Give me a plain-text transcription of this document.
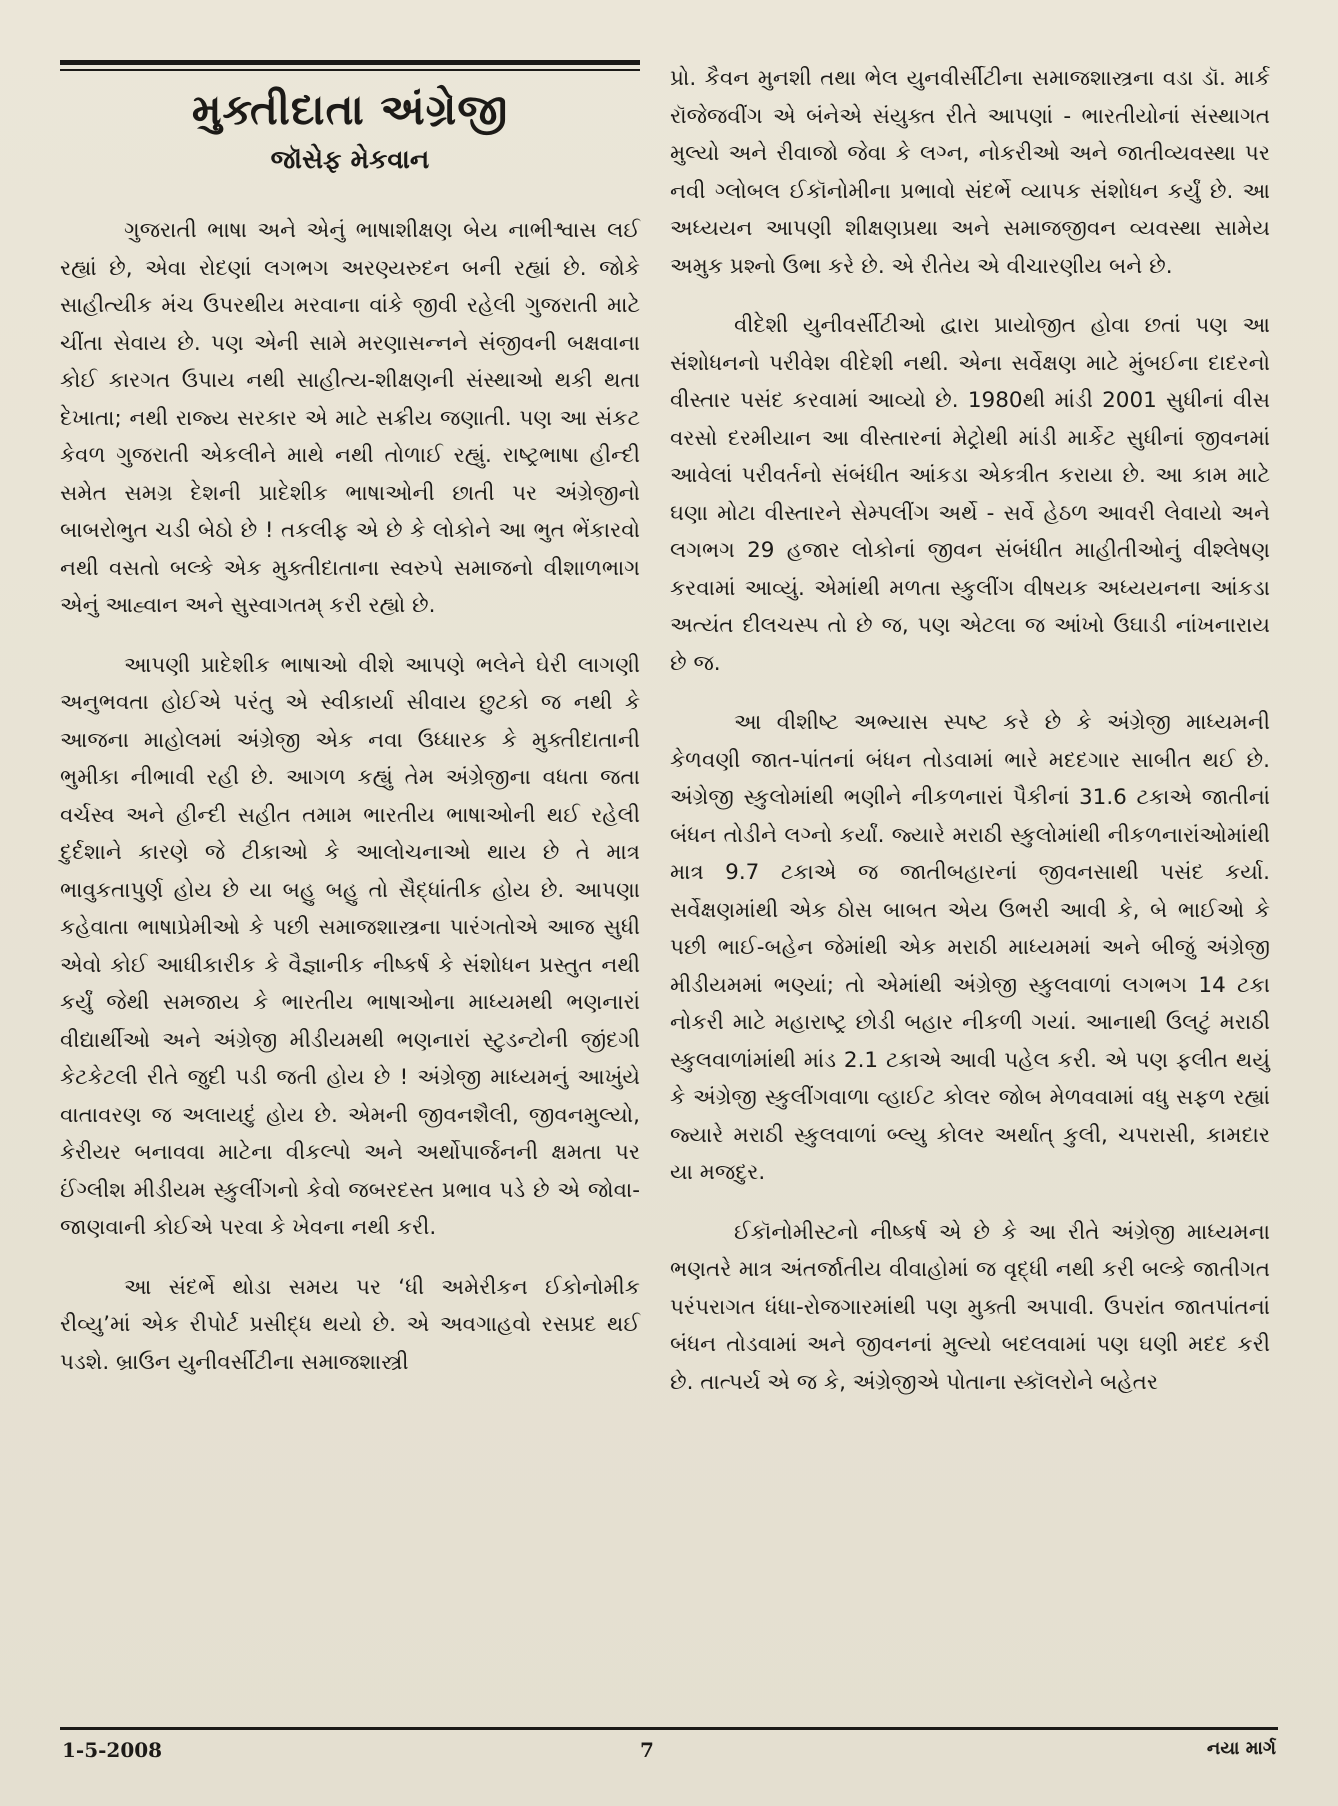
મુક્તીદાતા અંગ્રેજી
જૉસેફ મેકવાન

ગુજરાતી ભાષા અને એનું ભાષાશીક્ષણ બેય નાભીશ્વાસ લઈ રહ્યાં છે, એવા રોદણાં લગભગ અરણ્યરુદન બની રહ્યાં છે. જોકે સાહીત્યીક મંચ ઉપરથીય મરવાના વાંકે જીવી રહેલી ગુજરાતી માટે ચીંતા સેવાય છે. પણ એની સામે મરણાસન્નને સંજીવની બક્ષવાના કોઈ કારગત ઉપાય નથી સાહીત્ય-શીક્ષણની સંસ્થાઓ થકી થતા દેખાતા; નથી રાજ્ય સરકાર એ માટે સક્રીય જણાતી. પણ આ સંકટ કેવળ ગુજરાતી એકલીને માથે નથી તોળાઈ રહ્યું. રાષ્ટ્રભાષા હીન્દી સમેત સમગ્ર દેશની પ્રાદેશીક ભાષાઓની છાતી પર અંગ્રેજીનો બાબરોભુત ચડી બેઠો છે ! તકલીફ એ છે કે લોકોને આ ભુત ભેંકારવો નથી વસતો બલ્કે એક મુક્તીદાતાના સ્વરુપે સમાજનો વીશાળભાગ એનું આહ્વાન અને સુસ્વાગતમ્ કરી રહ્યો છે.

આપણી પ્રાદેશીક ભાષાઓ વીશે આપણે ભલેને ઘેરી લાગણી અનુભવતા હોઈએ પરંતુ એ સ્વીકાર્યા સીવાય છુટકો જ નથી કે આજના માહોલમાં અંગ્રેજી એક નવા ઉધ્ધારક કે મુક્તીદાતાની ભુમીકા નીભાવી રહી છે. આગળ કહ્યું તેમ અંગ્રેજીના વધતા જતા વર્ચસ્વ અને હીન્દી સહીત તમામ ભારતીય ભાષાઓની થઈ રહેલી દુર્દશાને કારણે જે ટીકાઓ કે આલોચનાઓ થાય છે તે માત્ર ભાવુકતાપુર્ણ હોય છે યા બહુ બહુ તો સૈદ્ધાંતીક હોય છે. આપણા કહેવાતા ભાષાપ્રેમીઓ કે પછી સમાજશાસ્ત્રના પારંગતોએ આજ સુધી એવો કોઈ આધીકારીક કે વૈજ્ઞાનીક નીષ્કર્ષ કે સંશોધન પ્રસ્તુત નથી કર્યું જેથી સમજાય કે ભારતીય ભાષાઓના માધ્યમથી ભણનારાં વીદ્યાર્થીઓ અને અંગ્રેજી મીડીયમથી ભણનારાં સ્ટુડન્ટોની જીંદગી કેટકેટલી રીતે જુદી પડી જતી હોય છે ! અંગ્રેજી માધ્યમનું આખુંયે વાતાવરણ જ અલાયદું હોય છે. એમની જીવનશૈલી, જીવનમુલ્યો, કેરીયર બનાવવા માટેના વીકલ્પો અને અર્થોપાર્જનની ક્ષમતા પર ઈંગ્લીશ મીડીયમ સ્કુલીંગનો કેવો જબરદસ્ત પ્રભાવ પડે છે એ જોવા-જાણવાની કોઈએ પરવા કે ખેવના નથી કરી.

આ સંદર્ભે થોડા સમય પર ‘ધી અમેરીકન ઈકોનોમીક રીવ્યુ’માં એક રીપોર્ટ પ્રસીદ્ધ થયો છે. એ અવગાહવો રસપ્રદ થઈ પડશે. બ્રાઉન યુનીવર્સીટીના સમાજશાસ્ત્રી

પ્રો. કૈવન મુનશી તથા ભેલ યુનવીર્સીટીના સમાજશાસ્ત્રના વડા ડૉ. માર્ક રૉજેજવીંગ એ બંનેએ સંયુક્ત રીતે આપણાં - ભારતીયોનાં સંસ્થાગત મુલ્યો અને રીવાજો જેવા કે લગ્ન, નોકરીઓ અને જાતીવ્યવસ્થા પર નવી ગ્લોબલ ઈકૉનોમીના પ્રભાવો સંદર્ભે વ્યાપક સંશોધન કર્યું છે. આ અધ્યયન આપણી શીક્ષણપ્રથા અને સમાજજીવન વ્યવસ્થા સામેય અમુક પ્રશ્નો ઉભા કરે છે. એ રીતેય એ વીચારણીય બને છે.

વીદેશી યુનીવર્સીટીઓ દ્વારા પ્રાયોજીત હોવા છતાં પણ આ સંશોધનનો પરીવેશ વીદેશી નથી. એના સર્વેક્ષણ માટે મુંબઈના દાદરનો વીસ્તાર પસંદ કરવામાં આવ્યો છે. 1980થી માંડી 2001 સુધીનાં વીસ વરસો દરમીયાન આ વીસ્તારનાં મેટ્રોથી માંડી માર્કેટ સુધીનાં જીવનમાં આવેલાં પરીવર્તનો સંબંધીત આંકડા એકત્રીત કરાયા છે. આ કામ માટે ઘણા મોટા વીસ્તારને સેમ્પલીંગ અર્થે - સર્વે હેઠળ આવરી લેવાયો અને લગભગ 29 હજાર લોકોનાં જીવન સંબંધીત માહીતીઓનું વીશ્લેષણ કરવામાં આવ્યું. એમાંથી મળતા સ્કુલીંગ વીષયક અધ્યયનના આંકડા અત્યંત દીલચસ્પ તો છે જ, પણ એટલા જ આંખો ઉઘાડી નાંખનારાય છે જ.

આ વીશીષ્ટ અભ્યાસ સ્પષ્ટ કરે છે કે અંગ્રેજી માધ્યમની કેળવણી જાત-પાંતનાં બંધન તોડવામાં ભારે મદદગાર સાબીત થઈ છે. અંગ્રેજી સ્કુલોમાંથી ભણીને નીકળનારાં પૈકીનાં 31.6 ટકાએ જાતીનાં બંધન તોડીને લગ્નો કર્યાં. જ્યારે મરાઠી સ્કુલોમાંથી નીકળનારાંઓમાંથી માત્ર 9.7 ટકાએ જ જાતીબહારનાં જીવનસાથી પસંદ કર્યા. સર્વેક્ષણમાંથી એક ઠોસ બાબત એય ઉભરી આવી કે, બે ભાઈઓ કે પછી ભાઈ-બહેન જેમાંથી એક મરાઠી માધ્યમમાં અને બીજું અંગ્રેજી મીડીયમમાં ભણ્યાં; તો એમાંથી અંગ્રેજી સ્કુલવાળાં લગભગ 14 ટકા નોકરી માટે મહારાષ્ટ્ર છોડી બહાર નીકળી ગયાં. આનાથી ઉલટું મરાઠી સ્કુલવાળાંમાંથી માંડ 2.1 ટકાએ આવી પહેલ કરી. એ પણ ફલીત થયું કે અંગ્રેજી સ્કુલીંગવાળા વ્હાઈટ કોલર જોબ મેળવવામાં વધુ સફળ રહ્યાં જ્યારે મરાઠી સ્કુલવાળાં બ્લ્યુ કોલર અર્થાત્ કુલી, ચપરાસી, કામદાર યા મજદુર.

ઈકૉનોમીસ્ટનો નીષ્કર્ષ એ છે કે આ રીતે અંગ્રેજી માધ્યમના ભણતરે માત્ર અંતર્જાતીય વીવાહોમાં જ વૃદ્ધી નથી કરી બલ્કે જાતીગત પરંપરાગત ધંધા-રોજગારમાંથી પણ મુક્તી અપાવી. ઉપરાંત જાતપાંતનાં બંધન તોડવામાં અને જીવનનાં મુલ્યો બદલવામાં પણ ઘણી મદદ કરી છે. તાત્પર્ય એ જ કે, અંગ્રેજીએ પોતાના સ્કૉલરોને બહેતર

1-5-2008	7	નયા માર્ગ
